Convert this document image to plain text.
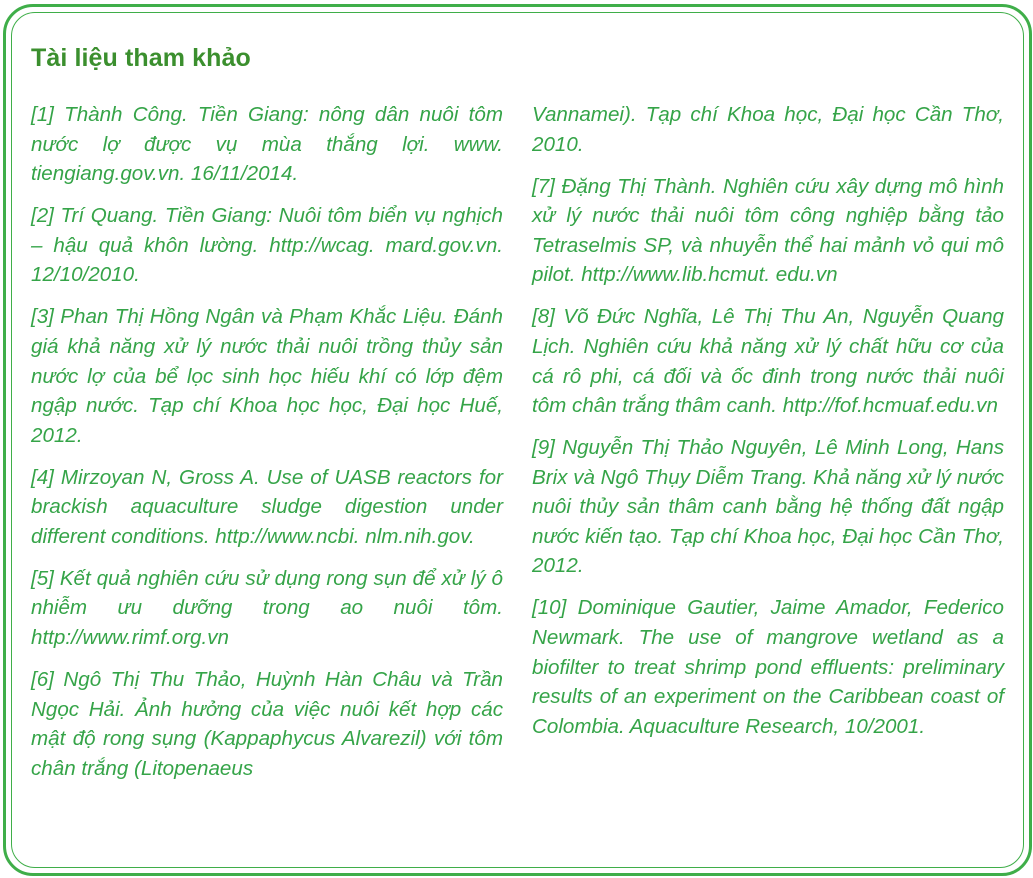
Tài liệu tham khảo

[1] Thành Công. Tiền Giang: nông dân nuôi tôm nước lợ được vụ mùa thắng lợi. www. tiengiang.gov.vn. 16/11/2014.

[2] Trí Quang. Tiền Giang: Nuôi tôm biển vụ nghịch – hậu quả khôn lường. http://wcag. mard.gov.vn. 12/10/2010.

[3] Phan Thị Hồng Ngân và Phạm Khắc Liệu. Đánh giá khả năng xử lý nước thải nuôi trồng thủy sản nước lợ của bể lọc sinh học hiếu khí có lớp đệm ngập nước. Tạp chí Khoa học học, Đại học Huế, 2012.

[4] Mirzoyan N, Gross A. Use of UASB reactors for brackish aquaculture sludge digestion under different conditions. http://www.ncbi. nlm.nih.gov.

[5] Kết quả nghiên cứu sử dụng rong sụn để xử lý ô nhiễm ưu dưỡng trong ao nuôi tôm. http://www.rimf.org.vn

[6] Ngô Thị Thu Thảo, Huỳnh Hàn Châu và Trần Ngọc Hải. Ảnh hưởng của việc nuôi kết hợp các mật độ rong sụng (Kappaphycus Alvarezil) với tôm chân trắng (Litopenaeus

Vannamei). Tạp chí Khoa học, Đại học Cần Thơ, 2010.

[7] Đặng Thị Thành. Nghiên cứu xây dựng mô hình xử lý nước thải nuôi tôm công nghiệp bằng tảo Tetraselmis SP, và nhuyễn thể hai mảnh vỏ qui mô pilot. http://www.lib.hcmut. edu.vn

[8] Võ Đức Nghĩa, Lê Thị Thu An, Nguyễn Quang Lịch. Nghiên cứu khả năng xử lý chất hữu cơ của cá rô phi, cá đối và ốc đinh trong nước thải nuôi tôm chân trắng thâm canh. http://fof.hcmuaf.edu.vn

[9] Nguyễn Thị Thảo Nguyên, Lê Minh Long, Hans Brix và Ngô Thụy Diễm Trang. Khả năng xử lý nước nuôi thủy sản thâm canh bằng hệ thống đất ngập nước kiến tạo. Tạp chí Khoa học, Đại học Cần Thơ, 2012.

[10] Dominique Gautier, Jaime Amador, Federico Newmark. The use of mangrove wetland as a biofilter to treat shrimp pond effluents: preliminary results of an experiment on the Caribbean coast of Colombia. Aquaculture Research, 10/2001.
